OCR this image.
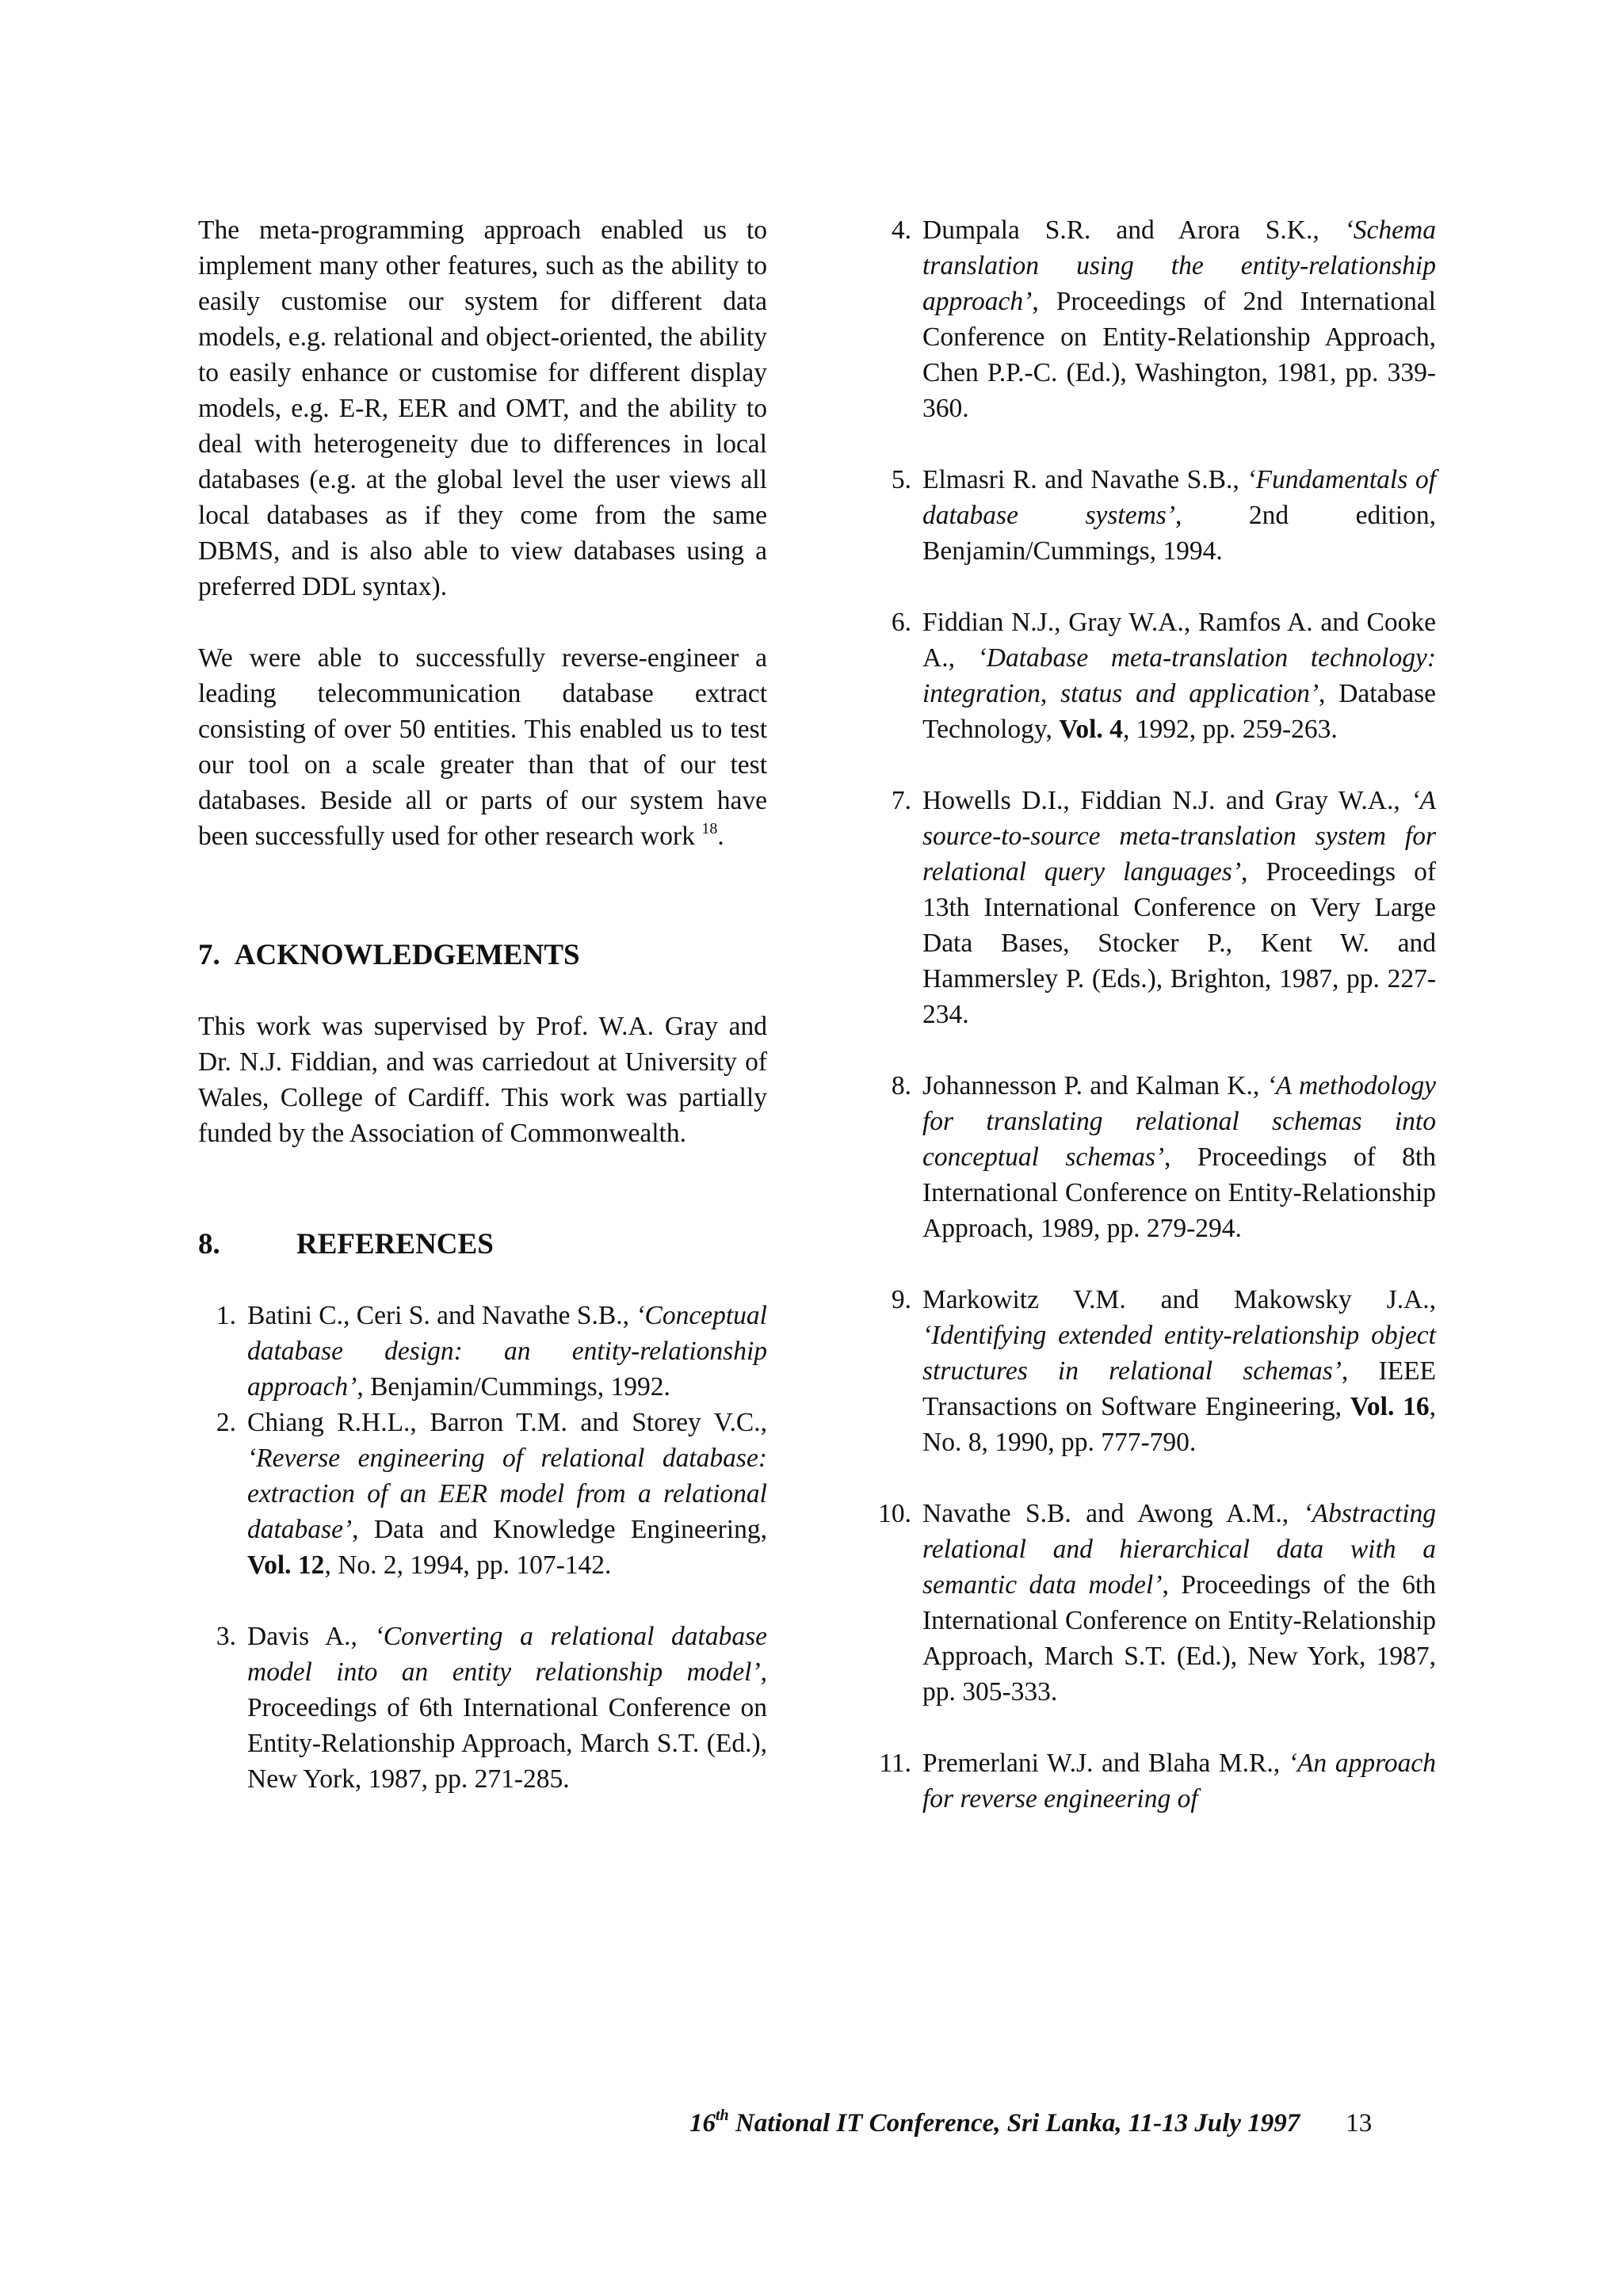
The meta-programming approach enabled us to implement many other features, such as the ability to easily customise our system for different data models, e.g. relational and object-oriented, the ability to easily enhance or customise for different display models, e.g. E-R, EER and OMT, and the ability to deal with heterogeneity due to differences in local databases (e.g. at the global level the user views all local databases as if they come from the same DBMS, and is also able to view databases using a preferred DDL syntax).

We were able to successfully reverse-engineer a leading telecommunication database extract consisting of over 50 entities. This enabled us to test our tool on a scale greater than that of our test databases. Beside all or parts of our system have been successfully used for other research work $^{18}$.

7. ACKNOWLEDGEMENTS

This work was supervised by Prof. W.A. Gray and Dr. N.J. Fiddian, and was carriedout at University of Wales, College of Cardiff. This work was partially funded by the Association of Commonwealth.

8.	REFERENCES
1. Batini C., Ceri S. and Navathe S.B., ‘Conceptual database design: an entity-relationship approach’, Benjamin/Cummings, 1992.
2. Chiang R.H.L., Barron T.M. and Storey V.C., ‘Reverse engineering of relational database: extraction of an EER model from a relational database’, Data and Knowledge Engineering, Vol. 12, No. 2, 1994, pp. 107-142.
3. Davis A., ‘Converting a relational database model into an entity relationship model’, Proceedings of 6th International Conference on Entity-Relationship Approach, March S.T. (Ed.), New York, 1987, pp. 271-285.
4. Dumpala S.R. and Arora S.K., ‘Schema translation using the entity-relationship approach’, Proceedings of 2nd International Conference on Entity-Relationship Approach, Chen P.P.-C. (Ed.), Washington, 1981, pp. 339-360.
5. Elmasri R. and Navathe S.B., ‘Fundamentals of database systems’, 2nd edition, Benjamin/Cummings, 1994.
6. Fiddian N.J., Gray W.A., Ramfos A. and Cooke A., ‘Database meta-translation technology: integration, status and application’, Database Technology, Vol. 4, 1992, pp. 259-263.
7. Howells D.I., Fiddian N.J. and Gray W.A., ‘A source-to-source meta-translation system for relational query languages’, Proceedings of 13th International Conference on Very Large Data Bases, Stocker P., Kent W. and Hammersley P. (Eds.), Brighton, 1987, pp. 227-234.
8. Johannesson P. and Kalman K., ‘A methodology for translating relational schemas into conceptual schemas’, Proceedings of 8th International Conference on Entity-Relationship Approach, 1989, pp. 279-294.
9. Markowitz V.M. and Makowsky J.A., ‘Identifying extended entity-relationship object structures in relational schemas’, IEEE Transactions on Software Engineering, Vol. 16, No. 8, 1990, pp. 777-790.
10. Navathe S.B. and Awong A.M., ‘Abstracting relational and hierarchical data with a semantic data model’, Proceedings of the 6th International Conference on Entity-Relationship Approach, March S.T. (Ed.), New York, 1987, pp. 305-333.
11. Premerlani W.J. and Blaha M.R., ‘An approach for reverse engineering of
16th National IT Conference, Sri Lanka, 11-13 July 1997 13
